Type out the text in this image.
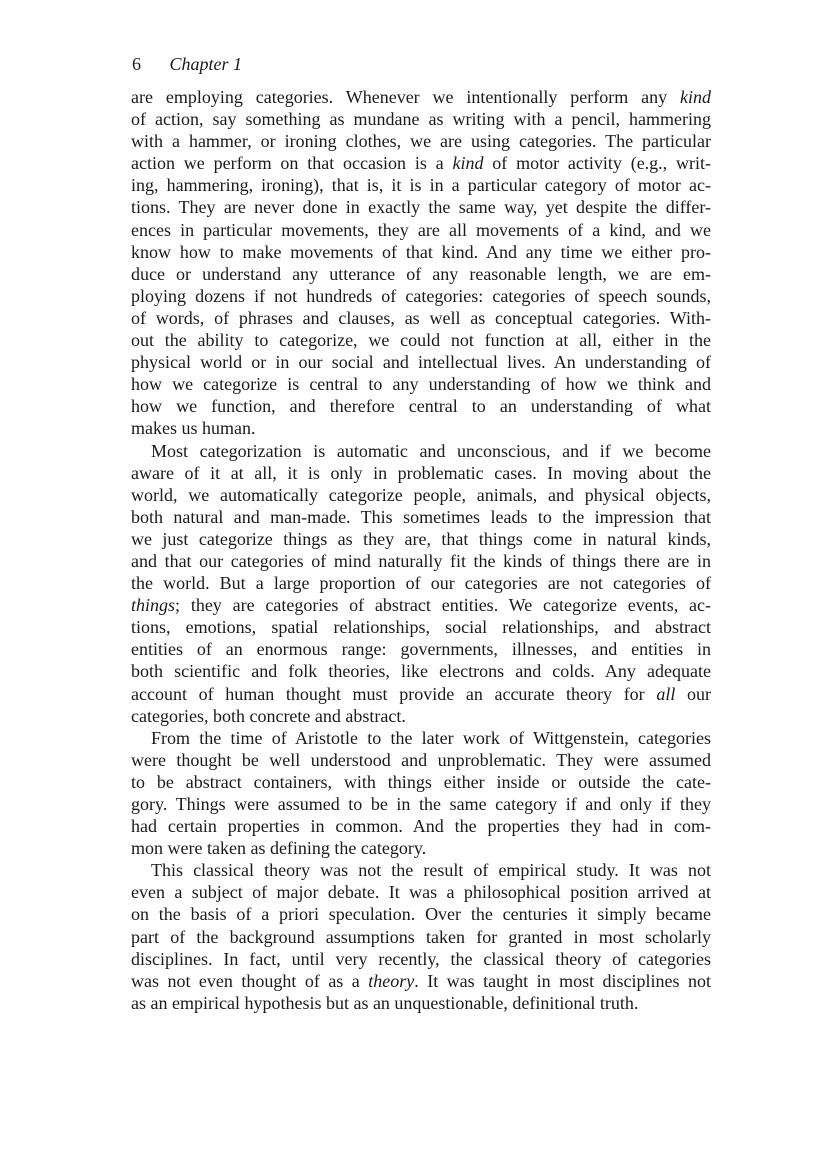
6 Chapter 1
are employing categories. Whenever we intentionally perform any kind
of action, say something as mundane as writing with a pencil, hammering
with a hammer, or ironing clothes, we are using categories. The particular
action we perform on that occasion is a kind of motor activity (e.g., writ-
ing, hammering, ironing), that is, it is in a particular category of motor ac-
tions. They are never done in exactly the same way, yet despite the differ-
ences in particular movements, they are all movements of a kind, and we
know how to make movements of that kind. And any time we either pro-
duce or understand any utterance of any reasonable length, we are em-
ploying dozens if not hundreds of categories: categories of speech sounds,
of words, of phrases and clauses, as well as conceptual categories. With-
out the ability to categorize, we could not function at all, either in the
physical world or in our social and intellectual lives. An understanding of
how we categorize is central to any understanding of how we think and
how we function, and therefore central to an understanding of what
makes us human.
Most categorization is automatic and unconscious, and if we become
aware of it at all, it is only in problematic cases. In moving about the
world, we automatically categorize people, animals, and physical objects,
both natural and man-made. This sometimes leads to the impression that
we just categorize things as they are, that things come in natural kinds,
and that our categories of mind naturally fit the kinds of things there are in
the world. But a large proportion of our categories are not categories of
things; they are categories of abstract entities. We categorize events, ac-
tions, emotions, spatial relationships, social relationships, and abstract
entities of an enormous range: governments, illnesses, and entities in
both scientific and folk theories, like electrons and colds. Any adequate
account of human thought must provide an accurate theory for all our
categories, both concrete and abstract.
From the time of Aristotle to the later work of Wittgenstein, categories
were thought be well understood and unproblematic. They were assumed
to be abstract containers, with things either inside or outside the cate-
gory. Things were assumed to be in the same category if and only if they
had certain properties in common. And the properties they had in com-
mon were taken as defining the category.
This classical theory was not the result of empirical study. It was not
even a subject of major debate. It was a philosophical position arrived at
on the basis of a priori speculation. Over the centuries it simply became
part of the background assumptions taken for granted in most scholarly
disciplines. In fact, until very recently, the classical theory of categories
was not even thought of as a theory. It was taught in most disciplines not
as an empirical hypothesis but as an unquestionable, definitional truth.
